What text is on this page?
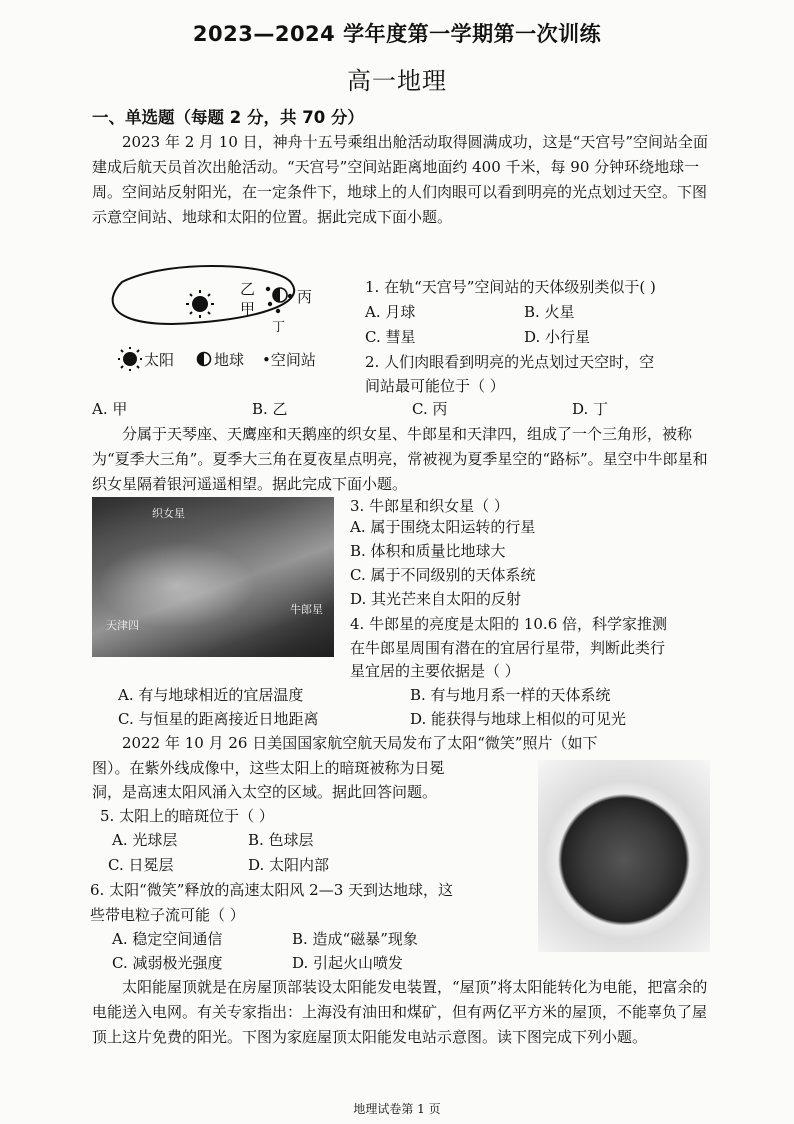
2023—2024 学年度第一学期第一次训练
高一地理
一、单选题（每题 2 分，共 70 分）
2023 年 2 月 10 日，神舟十五号乘组出舱活动取得圆满成功，这是“天宫号”空间站全面建成后航天员首次出舱活动。“天宫号”空间站距离地面约 400 千米，每 90 分钟环绕地球一周。空间站反射阳光，在一定条件下，地球上的人们肉眼可以看到明亮的光点划过天空。下图示意空间站、地球和太阳的位置。据此完成下面小题。
乙
甲
丙
丁
太阳	地球 •空间站
1. 在轨“天宫号”空间站的天体级别类似于( )
A. 月球	B. 火星
C. 彗星	D. 小行星
2. 人们肉眼看到明亮的光点划过天空时，空
间站最可能位于（ ）
A. 甲	B. 乙	C. 丙	D. 丁
分属于天琴座、天鹰座和天鹅座的织女星、牛郎星和天津四，组成了一个三角形，被称为“夏季大三角”。夏季大三角在夏夜星点明亮，常被视为夏季星空的“路标”。星空中牛郎星和织女星隔着银河遥遥相望。据此完成下面小题。
织女星
牛郎星
天津四
3. 牛郎星和织女星（ ）
A. 属于围绕太阳运转的行星
B. 体积和质量比地球大
C. 属于不同级别的天体系统
D. 其光芒来自太阳的反射
4. 牛郎星的亮度是太阳的 10.6 倍，科学家推测
在牛郎星周围有潜在的宜居行星带，判断此类行
星宜居的主要依据是（ ）
A. 有与地球相近的宜居温度	B. 有与地月系一样的天体系统
C. 与恒星的距离接近日地距离	D. 能获得与地球上相似的可见光
2022 年 10 月 26 日美国国家航空航天局发布了太阳“微笑”照片（如下
图）。在紫外线成像中，这些太阳上的暗斑被称为日冕
洞，是高速太阳风涌入太空的区域。据此回答问题。
5. 太阳上的暗斑位于（ ）
A. 光球层	B. 色球层
C. 日冕层	D. 太阳内部
6. 太阳“微笑”释放的高速太阳风 2—3 天到达地球，这
些带电粒子流可能（ ）
A. 稳定空间通信	B. 造成“磁暴”现象
C. 减弱极光强度	D. 引起火山喷发
太阳能屋顶就是在房屋顶部装设太阳能发电装置，“屋顶”将太阳能转化为电能，把富余的电能送入电网。有关专家指出：上海没有油田和煤矿，但有两亿平方米的屋顶，不能辜负了屋顶上这片免费的阳光。下图为家庭屋顶太阳能发电站示意图。读下图完成下列小题。
地理试卷第 1 页
